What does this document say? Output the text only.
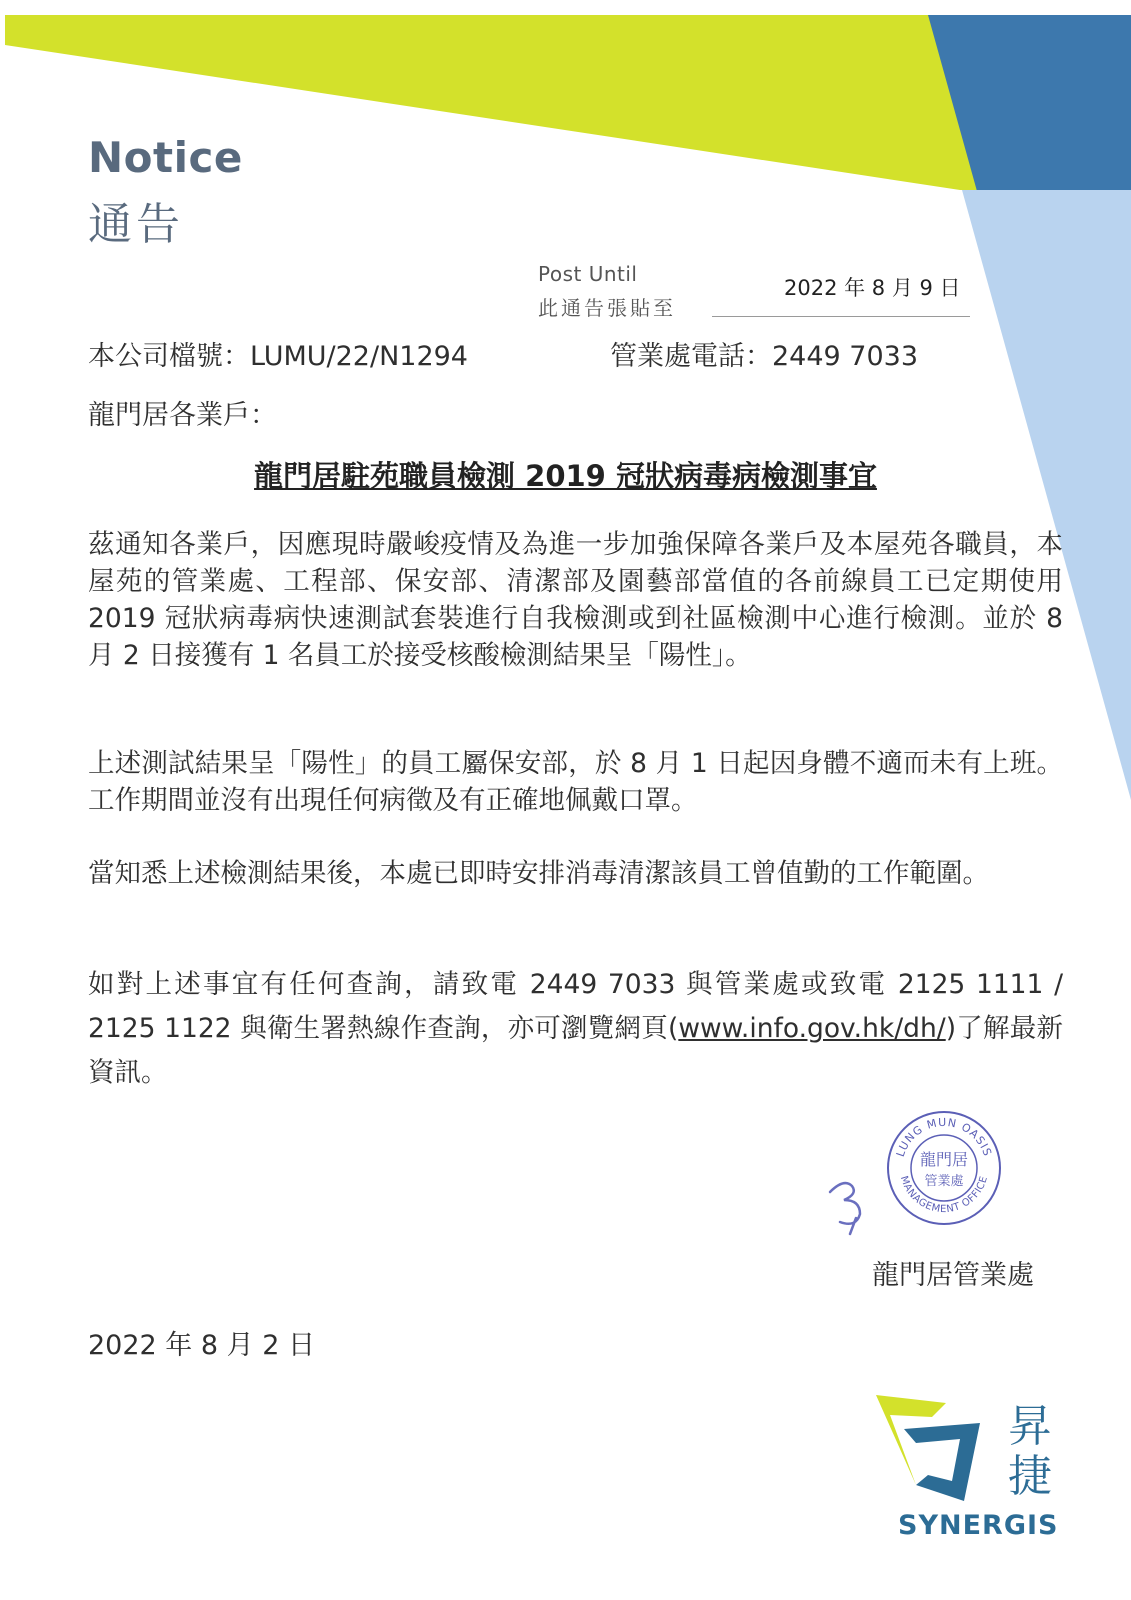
Notice
通告
Post Until
此通告張貼至
2022 年 8 月 9 日
本公司檔號：LUMU/22/N1294	管業處電話：2449 7033
龍門居各業戶：
龍門居駐苑職員檢測 2019 冠狀病毒病檢測事宜

茲通知各業戶，因應現時嚴峻疫情及為進一步加強保障各業戶及本屋苑各職員，本屋苑的管業處、工程部、保安部、清潔部及園藝部當值的各前線員工已定期使用 2019 冠狀病毒病快速測試套裝進行自我檢測或到社區檢測中心進行檢測。並於 8 月 2 日接獲有 1 名員工於接受核酸檢測結果呈「陽性」。

上述測試結果呈「陽性」的員工屬保安部，於 8 月 1 日起因身體不適而未有上班。工作期間並沒有出現任何病徵及有正確地佩戴口罩。

當知悉上述檢測結果後，本處已即時安排消毒清潔該員工曾值勤的工作範圍。

如對上述事宜有任何查詢，請致電 2449 7033 與管業處或致電 2125 1111 / 2125 1122 與衛生署熱線作查詢，亦可瀏覽網頁(www.info.gov.hk/dh/)了解最新資訊。

LUNG MUN OASIS
MANAGEMENT OFFICE
龍門居
管業處
龍門居管業處
2022 年 8 月 2 日
昇
捷
SYNERGIS
